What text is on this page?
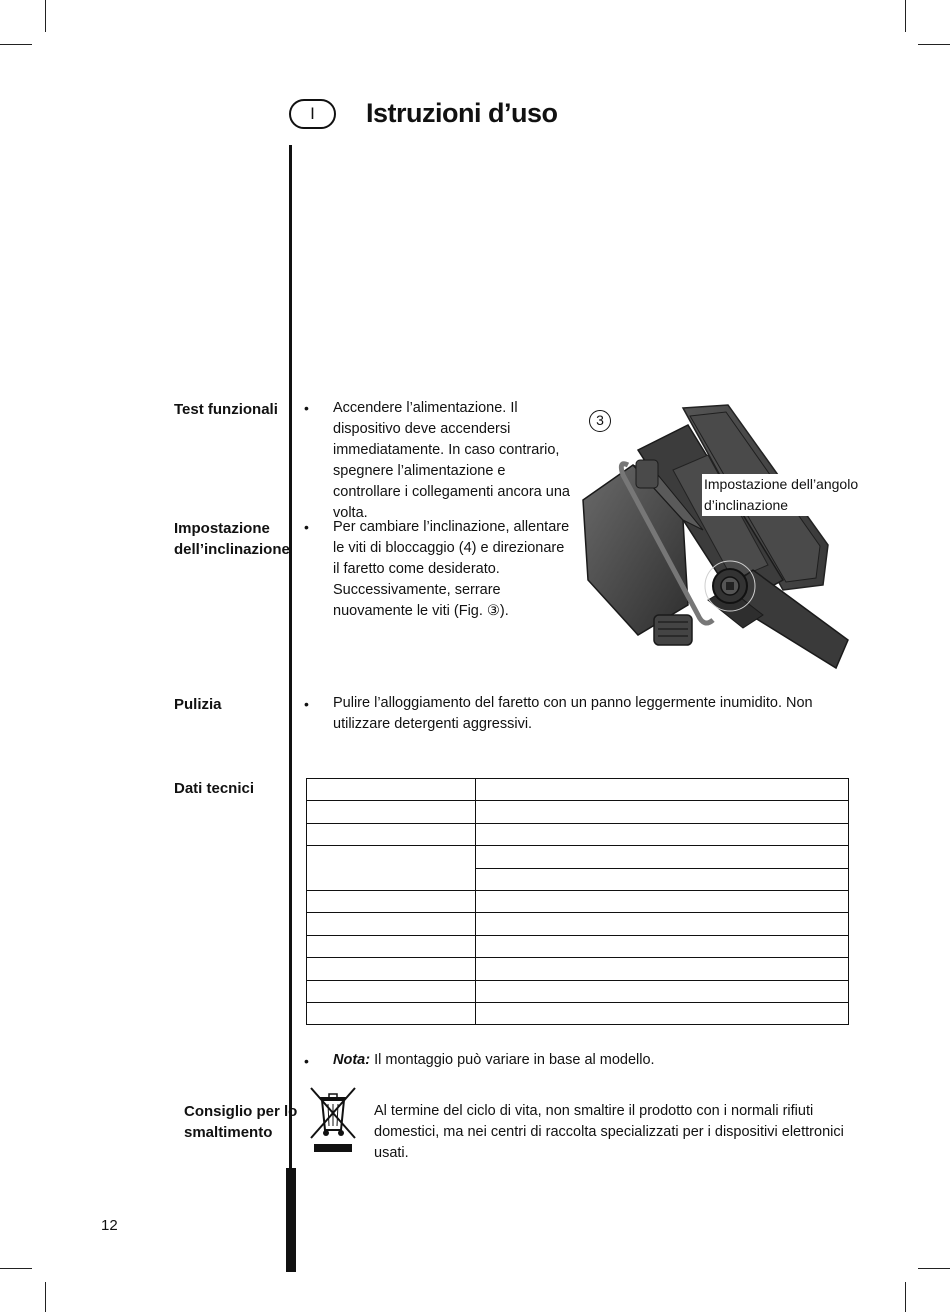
I	Istruzioni d’uso
Test funzionali • Accendere l’alimentazione. Il dispositivo deve accendersi immediatamente. In caso contrario, spegnere l’alimentazione e controllare i collegamenti ancora una volta.
Impostazione
dell’inclinazione
• Per cambiare l’inclinazione, allentare le viti di bloccaggio (4) e direzionare il faretto come desiderato. Successivamente, serrare nuovamente le viti (Fig. ③).
3
Impostazione dell’angolo
d’inclinazione
Pulizia	• Pulire l’alloggiamento del faretto con un panno leggermente inumidito. Non utilizzare detergenti aggressivi.
Dati tecnici

• Nota: Il montaggio può variare in base al modello.
Consiglio per lo
smaltimento
Al termine del ciclo di vita, non smaltire il prodotto con i normali rifiuti domestici, ma nei centri di raccolta specializzati per i dispositivi elettronici usati.
12
